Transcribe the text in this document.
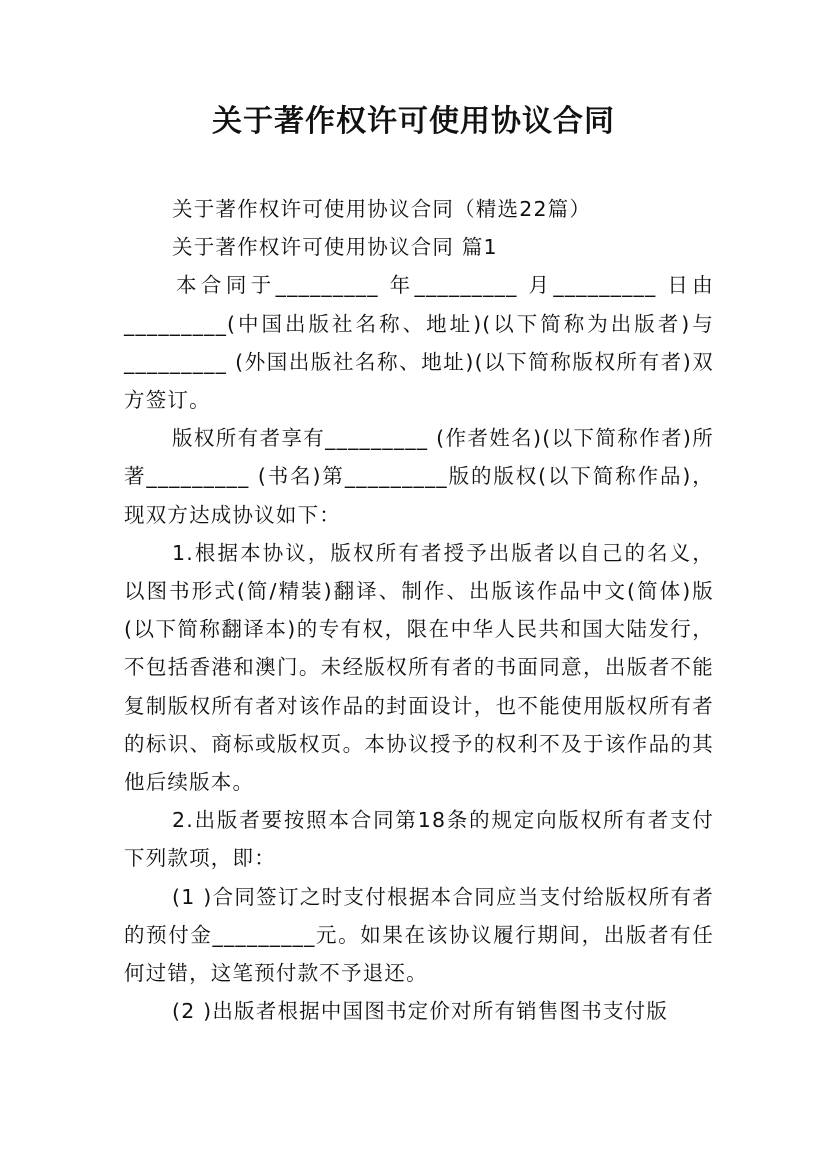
关于著作权许可使用协议合同

关于著作权许可使用协议合同（精选22篇）

关于著作权许可使用协议合同 篇1

本合同于_________ 年_________ 月_________ 日由_________(中国出版社名称、地址)(以下简称为出版者)与_________ (外国出版社名称、地址)(以下简称版权所有者)双方签订。

版权所有者享有_________ (作者姓名)(以下简称作者)所著_________ (书名)第_________版的版权(以下简称作品)，现双方达成协议如下：

1.根据本协议，版权所有者授予出版者以自己的名义，以图书形式(简/精装)翻译、制作、出版该作品中文(简体)版(以下简称翻译本)的专有权，限在中华人民共和国大陆发行，不包括香港和澳门。未经版权所有者的书面同意，出版者不能复制版权所有者对该作品的封面设计，也不能使用版权所有者的标识、商标或版权页。本协议授予的权利不及于该作品的其他后续版本。

2.出版者要按照本合同第18条的规定向版权所有者支付下列款项，即：

(1 )合同签订之时支付根据本合同应当支付给版权所有者的预付金_________元。如果在该协议履行期间，出版者有任何过错，这笔预付款不予退还。

(2 )出版者根据中国图书定价对所有销售图书支付版
